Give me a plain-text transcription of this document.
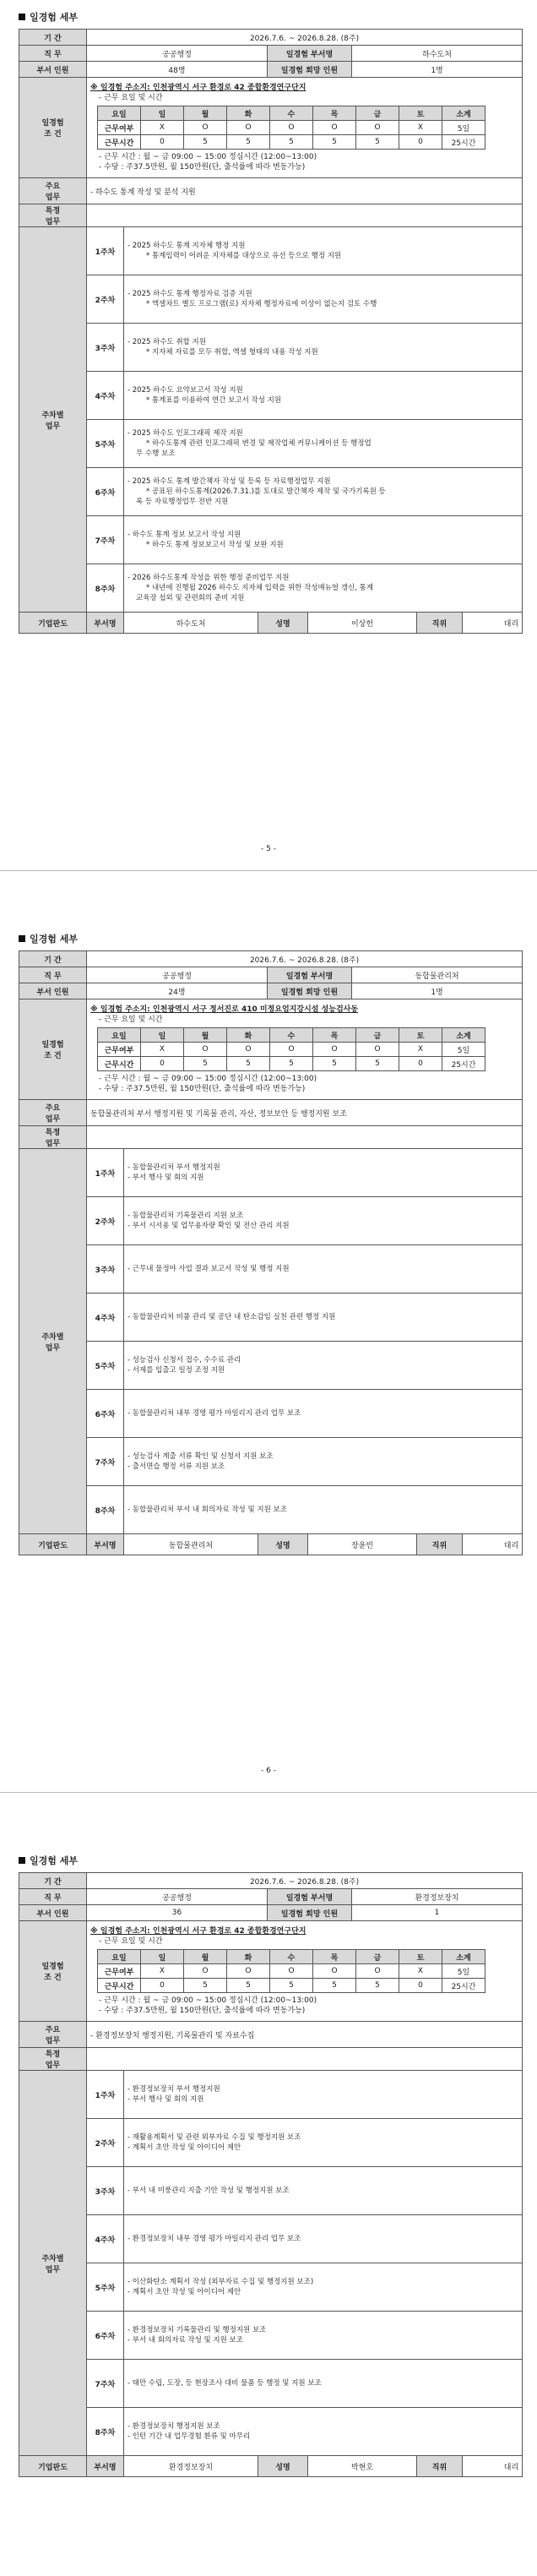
일경험 세부
기 간	2026.7.6. ~ 2026.8.28. (8주)
직 무	공공행정	일경험 부서명	하수도처
부서 인원	48명	일경험 회망 인원	1명
일경험
조 건	
※ 일경험 주소지: 인천광역시 서구 환경로 42 종합환경연구단지
- 근무 요일 및 시간
요일	일	월	화	수	목	금	토	소계
근무여부	X	O	O	O	O	O	X	5일
근무시간	0	5	5	5	5	5	0	25시간
- 근무 시간 : 월 ~ 금 09:00 ~ 15:00 정심시간 (12:00~13:00)
- 수당 : 주37.5만원, 월 150만원(단, 출석률에 따라 변동가능)

주요
업무	- 하수도 통계 작성 및 분석 지원
특정
업무	
주차별
업무	1주차	
- 2025 하수도 통계 지자체 행정 지원
* 통계입력이 어려운 지자체를 대상으로 유선 등으로 행정 지원

2주차	
- 2025 하수도 통계 행정자료 검증 지원
* 엑셀차트 별도 프로그램(로) 지자체 행정자료에 이상이 없는지 검토 수행

3주차	
- 2025 하수도 취합 지원
* 지자체 자료를 모두 취합, 엑셀 형태의 내용 작성 지원

4주차	
- 2025 하수도 요약보고서 작성 지원
* 통계표를 이용하여 연간 보고서 작성 지원

5주차	
- 2025 하수도 인포그래픽 제작 지원
* 하수도통계 관련 인포그래픽 변경 및 제작업체 커뮤니케이션 등 행정업
무 수행 보조

6주차	
- 2025 하수도 통계 발간책자 작성 및 등록 등 자료행정업무 지원
* 공표된 하수도통계(2026.7.31.)를 토대로 발간책자 제작 및 국가기록원 등
록 등 자료행정업무 전반 지원

7주차	
- 하수도 통계 정보 보고서 작성 지원
* 하수도 통계 정보보고서 작성 및 보완 지원

8주차	
- 2026 하수도통계 작성을 위한 행정 준비업무 지원
* 내년에 진행될 2026 하수도 지자체 입력을 위한 작성매뉴얼 갱신, 통계
교육장 섭외 및 관련회의 준비 지원

기업판도	부서명		하수도처	성명	이상헌	직위	대리
- 5 -
일경험 세부
기 간	2026.7.6. ~ 2026.8.28. (8주)
직 무	공공행정	일경험 부서명	동합물관리처
부서 인원	24명	일경험 회망 인원	1명
일경험
조 건	
※ 일경험 주소지: 인천광역시 서구 정서진로 410 미정요엄지강시설 성능검사동
- 근무 요일 및 시간
요일	일	월	화	수	목	금	토	소계
근무여부	X	O	O	O	O	O	X	5일
근무시간	0	5	5	5	5	5	0	25시간
- 근무 시간 : 월 ~ 금 09:00 ~ 15:00 정심시간 (12:00~13:00)
- 수당 : 주37.5만원, 월 150만원(단, 출석률에 따라 변동가능)

주요
업무	동합물관리처 부서 행정지원 및 기록물 관리, 자산, 정보보안 등 행정지원 보조
특정
업무	
주차별
업무	1주차	
- 동합물관리처 부서 행정지원
- 부서 행사 및 회의 지원

2주차	
- 동합물관리처 기록물관리 지원 보조
- 부서 시서용 및 업무용자량 확인 및 전산 관리 지원

3주차	- 근무내 물정야 사업 결과 보고서 작성 및 행정 지원

4주차	- 동합물관리처 비품 관리 및 공단 내 탄소감임 실천 관련 행정 지원

5주차	
- 성능검사 신청서 접수, 수수료 관리
- 서제를 입출고 일정 조정 지원

6주차	- 동합물관리처 내부 경영 평가 마일리지 관리 업무 보조

7주차	
- 성능검사 계출 서류 확인 및 신청서 지원 보조
- 출서면습 행정 서류 지원 보조

8주차	- 동합물관리처 부서 내 회의자료 작성 및 지원 보조

기업판도	부서명		동합물관리처	성명	장윤빈	직위	대리
- 6 -
일경험 세부
기 간	2026.7.6. ~ 2026.8.28. (8주)
직 무	공공행정	일경험 부서명	환경정보장치
부서 인원	36	일경험 회망 인원	1
일경험
조 건	
※ 일경험 주소지: 인천광역시 서구 환경로 42 종합환경연구단지
- 근무 요일 및 시간
요일	일	월	화	수	목	금	토	소계
근무여부	X	O	O	O	O	O	X	5일
근무시간	0	5	5	5	5	5	0	25시간
- 근무 시간 : 월 ~ 금 09:00 ~ 15:00 정심시간 (12:00~13:00)
- 수당 : 주37.5만원, 월 150만원(단, 출석률에 따라 변동가능)

주요
업무	- 환경정보장치 행정지원, 기록물관리 및 자료수집
특정
업무	
주차별
업무	1주차	
- 환경정보장치 부서 행정지원
- 부서 행사 및 회의 지원

2주차	
- 재활용계획서 및 관련 외부자료 수집 및 행정지원 보조
- 계획서 초안 작성 및 아이디어 제안

3주차	- 부서 내 미풍관리 지출 기안 작성 및 행정지원 보조

4주차	- 환경정보장치 내부 경영 평가 마일리지 관리 업무 보조

5주차	
- 이산화탄소 계획서 작성 (외부자료 수집 및 행정지원 보조)
- 계획서 초안 작성 및 아이디어 제안

6주차	
- 환경정보장치 기록물관리 및 행정지원 보조
- 부서 내 회의자료 작성 및 지원 보조

7주차	- 태만 수립, 도장, 등 현장조사 대비 물품 등 행정 및 지원 보조

8주차	
- 환경정보장치 행정지원 보조
- 인턴 기간 내 업무경험 환류 및 마무리

기업판도	부서명		환경정보장치	성명	박현호	직위	대리
